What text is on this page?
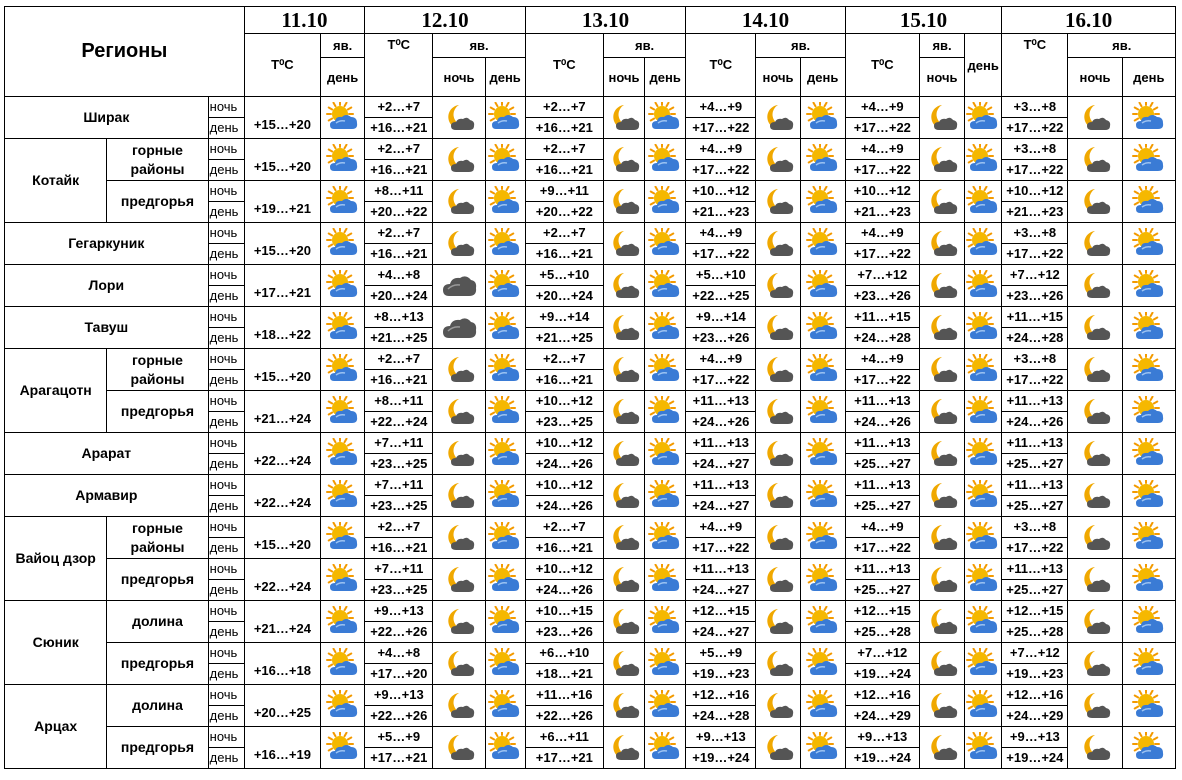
Регионы			11.10		12.10			13.10			14.10			15.10			16.10		
			T⁰C	яв.	T⁰C	яв.		T⁰C	яв.		T⁰C	яв.		T⁰C	яв.		T⁰C	яв.	
				день		ночь	день		ночь	день		ночь	день		ночь	день		ночь	день
Ширак		ночь	+15…+20		+2…+7			+2…+7			+4…+9			+4…+9			+3…+8		
		день			+16…+21			+16…+21			+17…+22			+17…+22			+17…+22		
Котайк	горные районы	ночь	+15…+20		+2…+7			+2…+7			+4…+9			+4…+9			+3…+8		
		день			+16…+21			+16…+21			+17…+22			+17…+22			+17…+22		
	предгорья	ночь	+19…+21		+8…+11			+9…+11			+10…+12			+10…+12			+10…+12		
		день			+20…+22			+20…+22			+21…+23			+21…+23			+21…+23		
Гегаркуник		ночь	+15…+20		+2…+7			+2…+7			+4…+9			+4…+9			+3…+8		
		день			+16…+21			+16…+21			+17…+22			+17…+22			+17…+22		
Лори		ночь	+17…+21		+4…+8			+5…+10			+5…+10			+7…+12			+7…+12		
		день			+20…+24			+20…+24			+22…+25			+23…+26			+23…+26		
Тавуш		ночь	+18…+22		+8…+13			+9…+14			+9…+14			+11…+15			+11…+15		
		день			+21…+25			+21…+25			+23…+26			+24…+28			+24…+28		
Арагацотн	горные районы	ночь	+15…+20		+2…+7			+2…+7			+4…+9			+4…+9			+3…+8		
		день			+16…+21			+16…+21			+17…+22			+17…+22			+17…+22		
	предгорья	ночь	+21…+24		+8…+11			+10…+12			+11…+13			+11…+13			+11…+13		
		день			+22…+24			+23…+25			+24…+26			+24…+26			+24…+26		
Арарат		ночь	+22…+24		+7…+11			+10…+12			+11…+13			+11…+13			+11…+13		
		день			+23…+25			+24…+26			+24…+27			+25…+27			+25…+27		
Армавир		ночь	+22…+24		+7…+11			+10…+12			+11…+13			+11…+13			+11…+13		
		день			+23…+25			+24…+26			+24…+27			+25…+27			+25…+27		
Вайоц дзор	горные районы	ночь	+15…+20		+2…+7			+2…+7			+4…+9			+4…+9			+3…+8		
		день			+16…+21			+16…+21			+17…+22			+17…+22			+17…+22		
	предгорья	ночь	+22…+24		+7…+11			+10…+12			+11…+13			+11…+13			+11…+13		
		день			+23…+25			+24…+26			+24…+27			+25…+27			+25…+27		
Сюник	долина	ночь	+21…+24		+9…+13			+10…+15			+12…+15			+12…+15			+12…+15		
		день			+22…+26			+23…+26			+24…+27			+25…+28			+25…+28		
	предгорья	ночь	+16…+18		+4…+8			+6…+10			+5…+9			+7…+12			+7…+12		
		день			+17…+20			+18…+21			+19…+23			+19…+24			+19…+23		
Арцах	долина	ночь	+20…+25		+9…+13			+11…+16			+12…+16			+12…+16			+12…+16		
		день			+22…+26			+22…+26			+24…+28			+24…+29			+24…+29		
	предгорья	ночь	+16…+19		+5…+9			+6…+11			+9…+13			+9…+13			+9…+13		
		день			+17…+21			+17…+21			+19…+24			+19…+24			+19…+24		
